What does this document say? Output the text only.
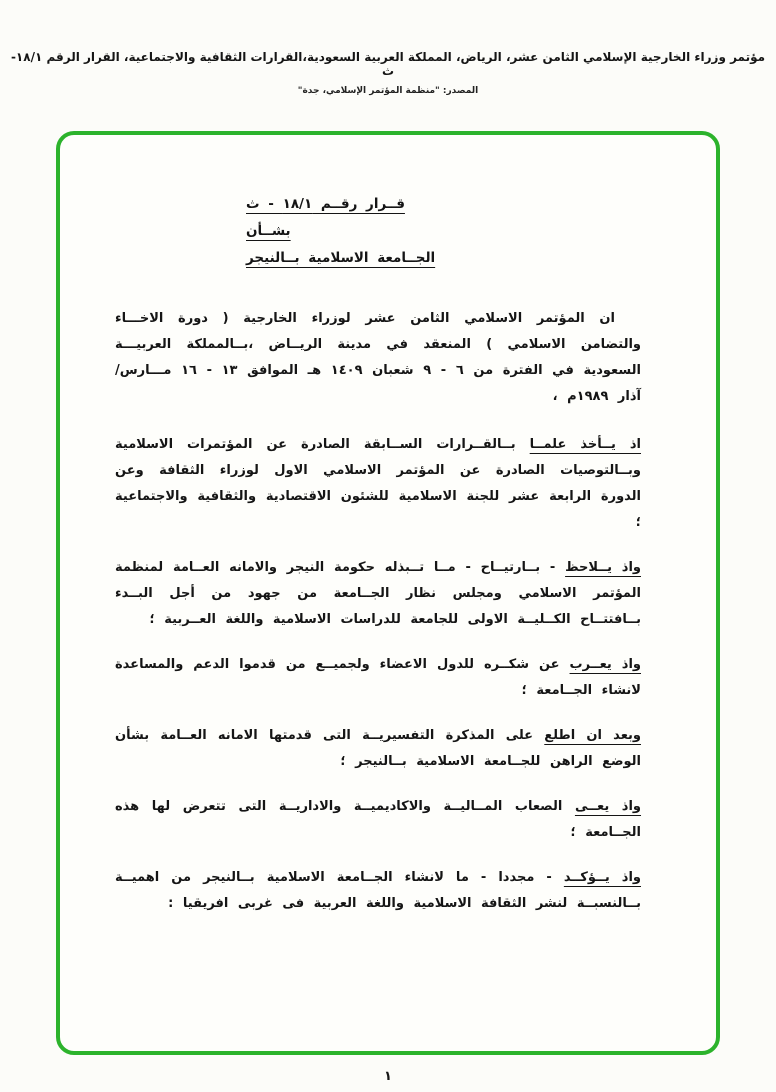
مؤتمر وزراء الخارجية الإسلامي الثامن عشر، الرياض، المملكة العربية السعودية،القرارات الثقافية والاجتماعية، القرار الرقم ١٨/١-ث
المصدر: "منظمة المؤتمر الإسلامي، جدة"
قــرار رقــم ١٨/١ - ث
بشــأن
الجــامعة الاسلامية بــالنيجر

ان المؤتمر الاسلامي الثامن عشر لوزراء الخارجية ( دورة الاخـــاء والتضامن الاسلامي ) المنعقد في مدينة الريــاض ،بــالمملكة العربيـــة السعودية في الفترة من ٦ - ٩ شعبان ١٤٠٩ هـ الموافق ١٣ - ١٦ مـــارس/ آذار ١٩٨٩م ،

اذ يــأخذ علمــا بــالقــرارات الســابقة الصادرة عن المؤتمرات الاسلامية وبــالتوصيات الصادرة عن المؤتمر الاسلامي الاول لوزراء الثقافة وعن الدورة الرابعة عشر للجنة الاسلامية للشئون الاقتصادية والثقافية والاجتماعية ؛

واذ يــلاحظ - بــارتيــاح - مــا تــبذله حكومة النيجر والامانه العــامة لمنظمة المؤتمر الاسلامي ومجلس نظار الجــامعة من جهود من أجل البــدء بــافتتــاح الكــليــة الاولى للجامعة للدراسات الاسلامية واللغة العــربية ؛

واذ يعــرب عن شكــره للدول الاعضاء ولجميــع من قدموا الدعم والمساعدة لانشاء الجــامعة ؛

وبعد ان اطلع على المذكرة التفسيريــة التى قدمتها الامانه العــامة بشأن الوضع الراهن للجــامعة الاسلامية بــالنيجر ؛

واذ يعــى الصعاب المــاليــة والاكاديميــة والاداريــة التى تتعرض لها هذه الجــامعة ؛

واذ يــؤكــد - مجددا - ما لانشاء الجــامعة الاسلامية بــالنيجر من اهميــة بــالنسبــة لنشر الثقافة الاسلامية واللغة العربية فى غربى افريقيا :

١
